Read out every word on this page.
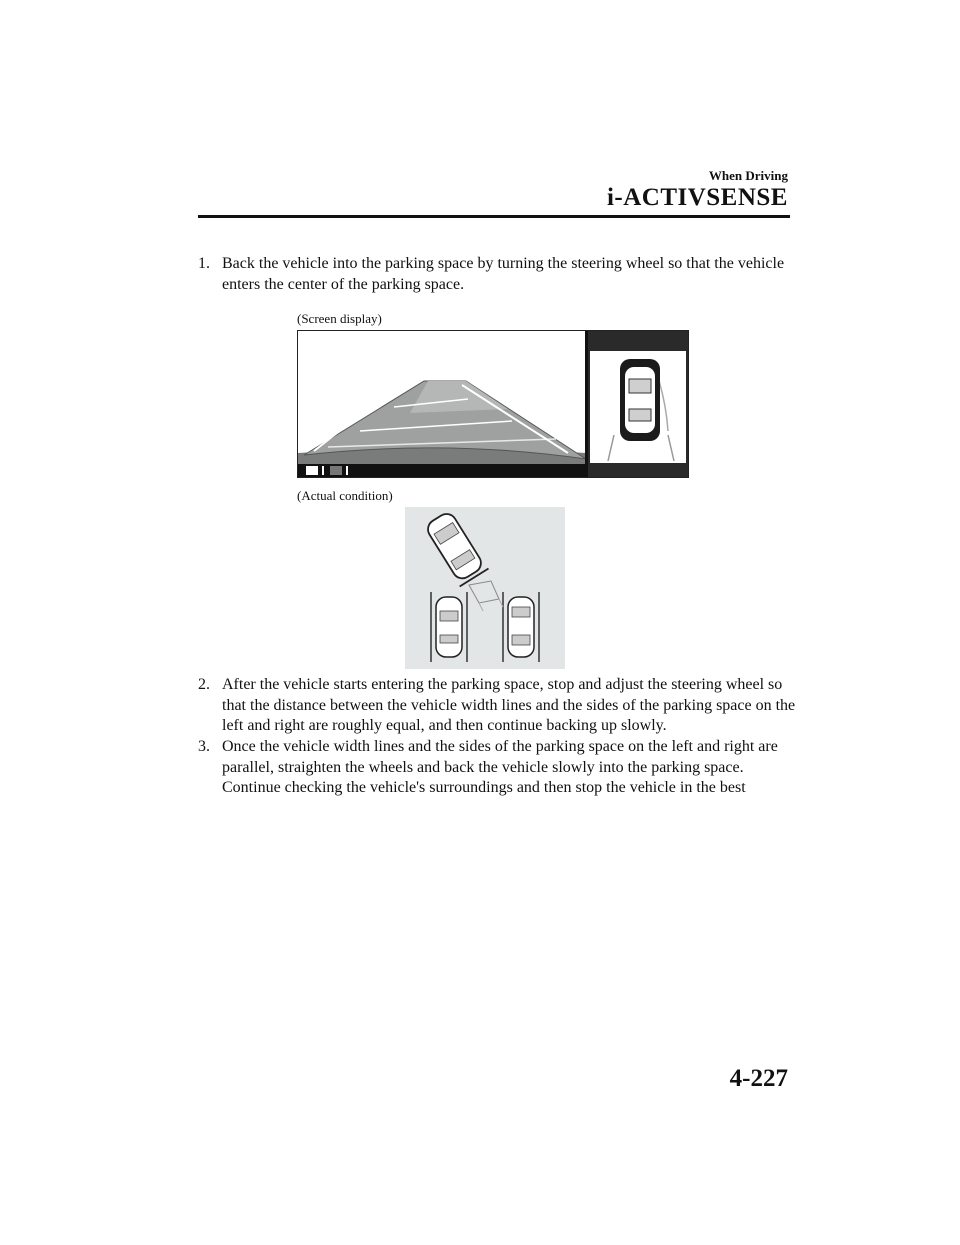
When Driving
i-ACTIVSENSE
1. Back the vehicle into the parking space by turning the steering wheel so that the vehicle enters the center of the parking space.
(Screen display)
(Actual condition)
2. After the vehicle starts entering the parking space, stop and adjust the steering wheel so that the distance between the vehicle width lines and the sides of the parking space on the left and right are roughly equal, and then continue backing up slowly.
3. Once the vehicle width lines and the sides of the parking space on the left and right are parallel, straighten the wheels and back the vehicle slowly into the parking space. Continue checking the vehicle's surroundings and then stop the vehicle in the best
4-227
